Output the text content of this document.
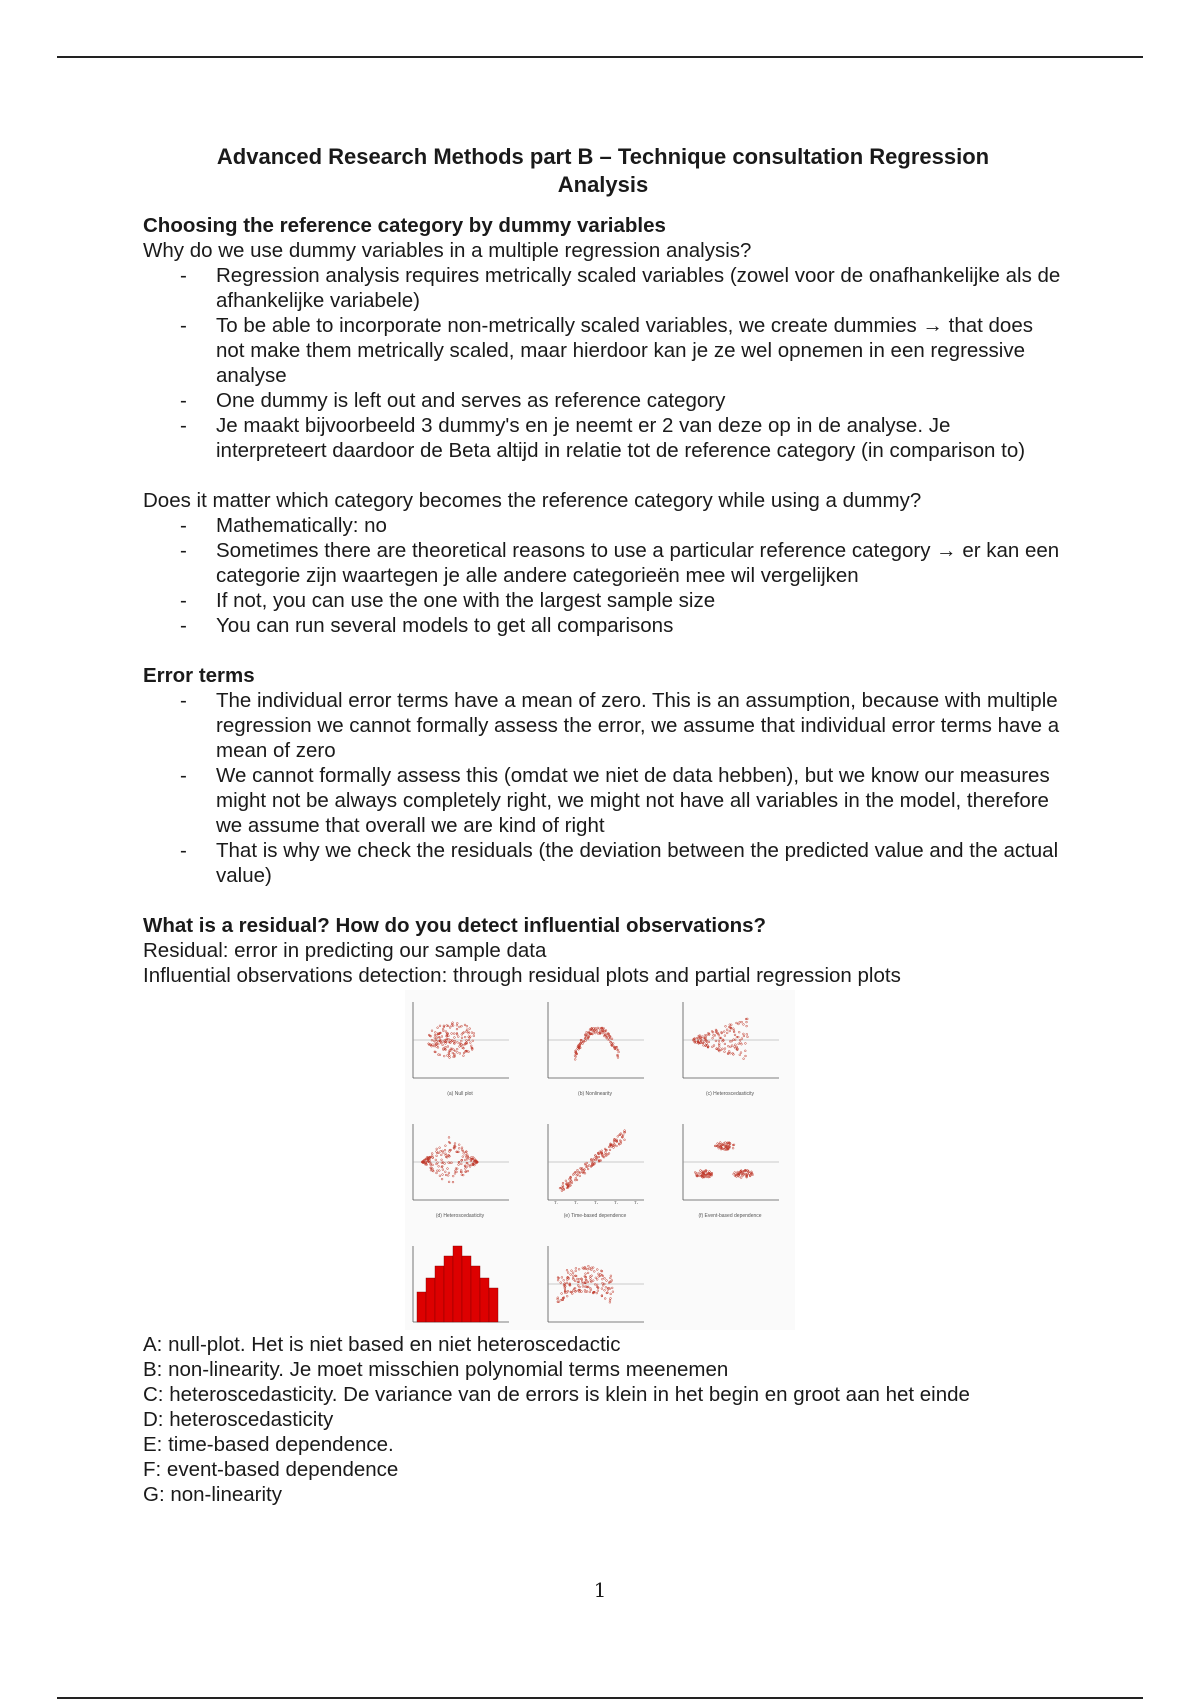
Advanced Research Methods part B – Technique consultation Regression
Analysis

Choosing the reference category by dummy variables

Why do we use dummy variables in a multiple regression analysis?

- Regression analysis requires metrically scaled variables (zowel voor de onafhankelijke als de afhankelijke variabele)
- To be able to incorporate non-metrically scaled variables, we create dummies → that does not make them metrically scaled, maar hierdoor kan je ze wel opnemen in een regressive analyse
- One dummy is left out and serves as reference category
- Je maakt bijvoorbeeld 3 dummy's en je neemt er 2 van deze op in de analyse. Je interpreteert daardoor de Beta altijd in relatie tot de reference category (in comparison to)

Does it matter which category becomes the reference category while using a dummy?

- Mathematically: no
- Sometimes there are theoretical reasons to use a particular reference category → er kan een categorie zijn waartegen je alle andere categorieën mee wil vergelijken
- If not, you can use the one with the largest sample size
- You can run several models to get all comparisons

Error terms

- The individual error terms have a mean of zero. This is an assumption, because with multiple regression we cannot formally assess the error, we assume that individual error terms have a mean of zero
- We cannot formally assess this (omdat we niet de data hebben), but we know our measures might not be always completely right, we might not have all variables in the model, therefore we assume that overall we are kind of right
- That is why we check the residuals (the deviation between the predicted value and the actual value)

What is a residual? How do you detect influential observations?

Residual: error in predicting our sample data

Influential observations detection: through residual plots and partial regression plots

(a) Null plot	(b) Nonlinearity	(c) Heteroscedasticity
(d) Heteroscedasticity
T₁	T₂	T₃	T₄	T₅
(e) Time-based dependence	(f) Event-based dependence

A: null-plot. Het is niet based en niet heteroscedactic

B: non-linearity. Je moet misschien polynomial terms meenemen

C: heteroscedasticity. De variance van de errors is klein in het begin en groot aan het einde

D: heteroscedasticity

E: time-based dependence.

F: event-based dependence

G: non-linearity

1
